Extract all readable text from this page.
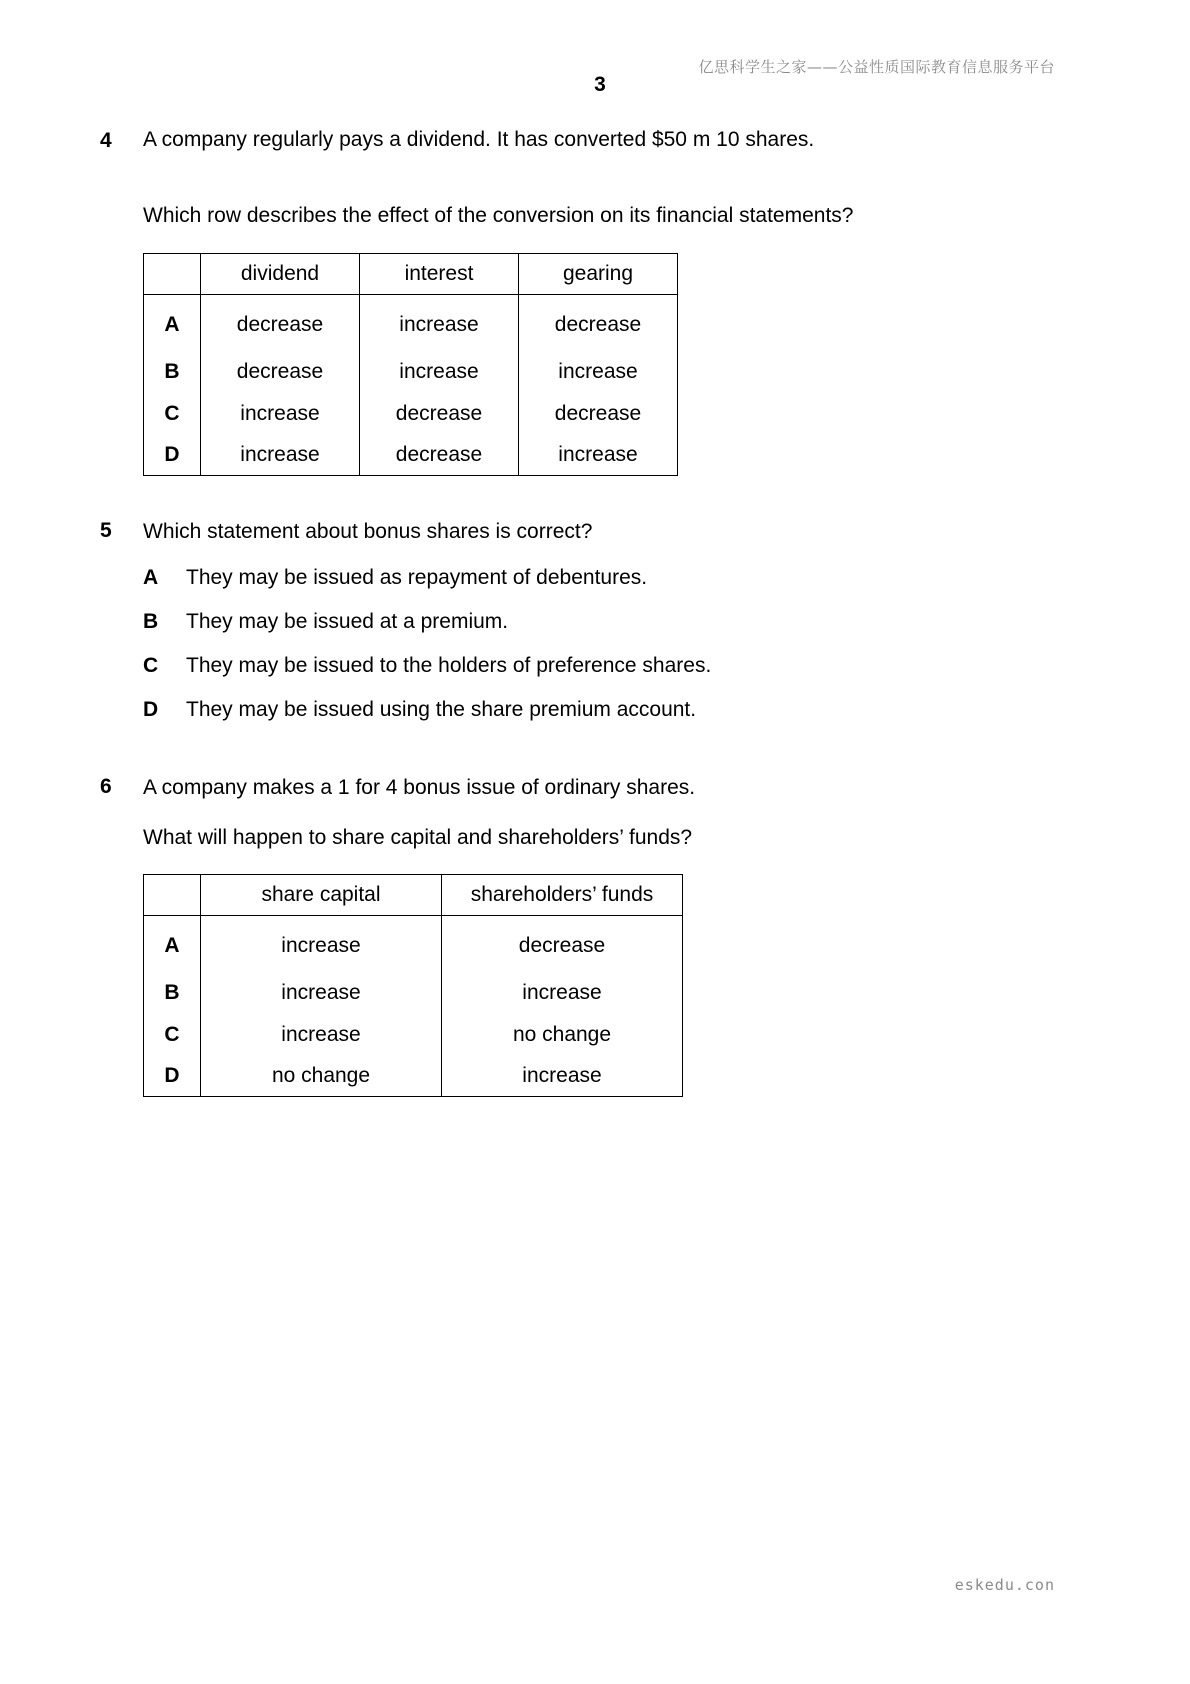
亿思科学生之家——公益性质国际教育信息服务平台
3
4 A company regularly pays a dividend. It has converted $50 m 10 shares.
Which row describes the effect of the conversion on its financial statements?
	dividend	interest	gearing
A	decrease	increase	decrease
B	decrease	increase	increase
C	increase	decrease	decrease
D	increase	decrease	increase
5 Which statement about bonus shares is correct?
A They may be issued as repayment of debentures.
B They may be issued at a premium.
C They may be issued to the holders of preference shares.
D They may be issued using the share premium account.
6 A company makes a 1 for 4 bonus issue of ordinary shares.
What will happen to share capital and shareholders’ funds?
	share capital	shareholders’ funds
A	increase	decrease
B	increase	increase
C	increase	no change
D	no change	increase
eskedu.con
